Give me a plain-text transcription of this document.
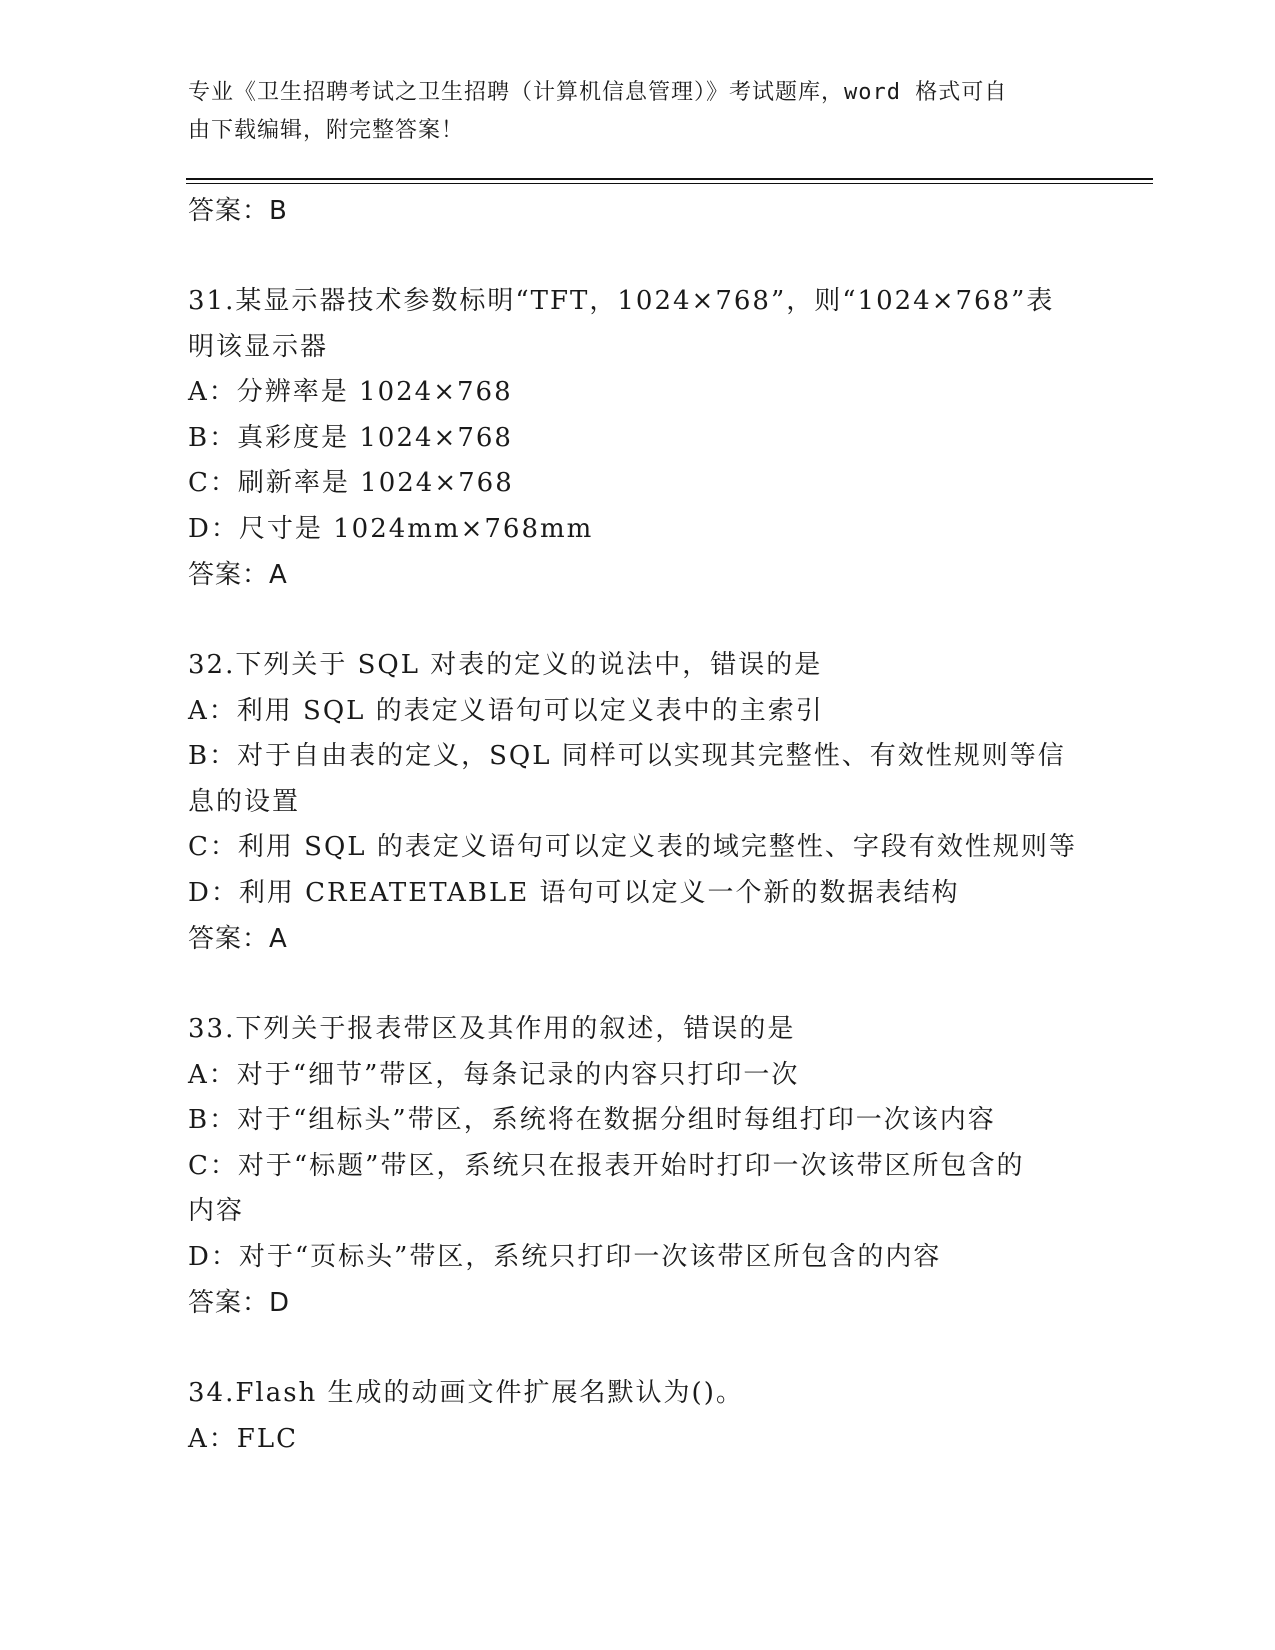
专业《卫生招聘考试之卫生招聘（计算机信息管理）》考试题库，word 格式可自
由下载编辑，附完整答案！
答案：B
31.某显示器技术参数标明“TFT，1024×768”，则“1024×768”表
明该显示器
A：分辨率是 1024×768
B：真彩度是 1024×768
C：刷新率是 1024×768
D：尺寸是 1024mm×768mm
答案：A
32.下列关于 SQL 对表的定义的说法中，错误的是
A：利用 SQL 的表定义语句可以定义表中的主索引
B：对于自由表的定义，SQL 同样可以实现其完整性、有效性规则等信
息的设置
C：利用 SQL 的表定义语句可以定义表的域完整性、字段有效性规则等
D：利用 CREATETABLE 语句可以定义一个新的数据表结构
答案：A
33.下列关于报表带区及其作用的叙述，错误的是
A：对于“细节”带区，每条记录的内容只打印一次
B：对于“组标头”带区，系统将在数据分组时每组打印一次该内容
C：对于“标题”带区，系统只在报表开始时打印一次该带区所包含的
内容
D：对于“页标头”带区，系统只打印一次该带区所包含的内容
答案：D
34.Flash 生成的动画文件扩展名默认为()。
A：FLC
